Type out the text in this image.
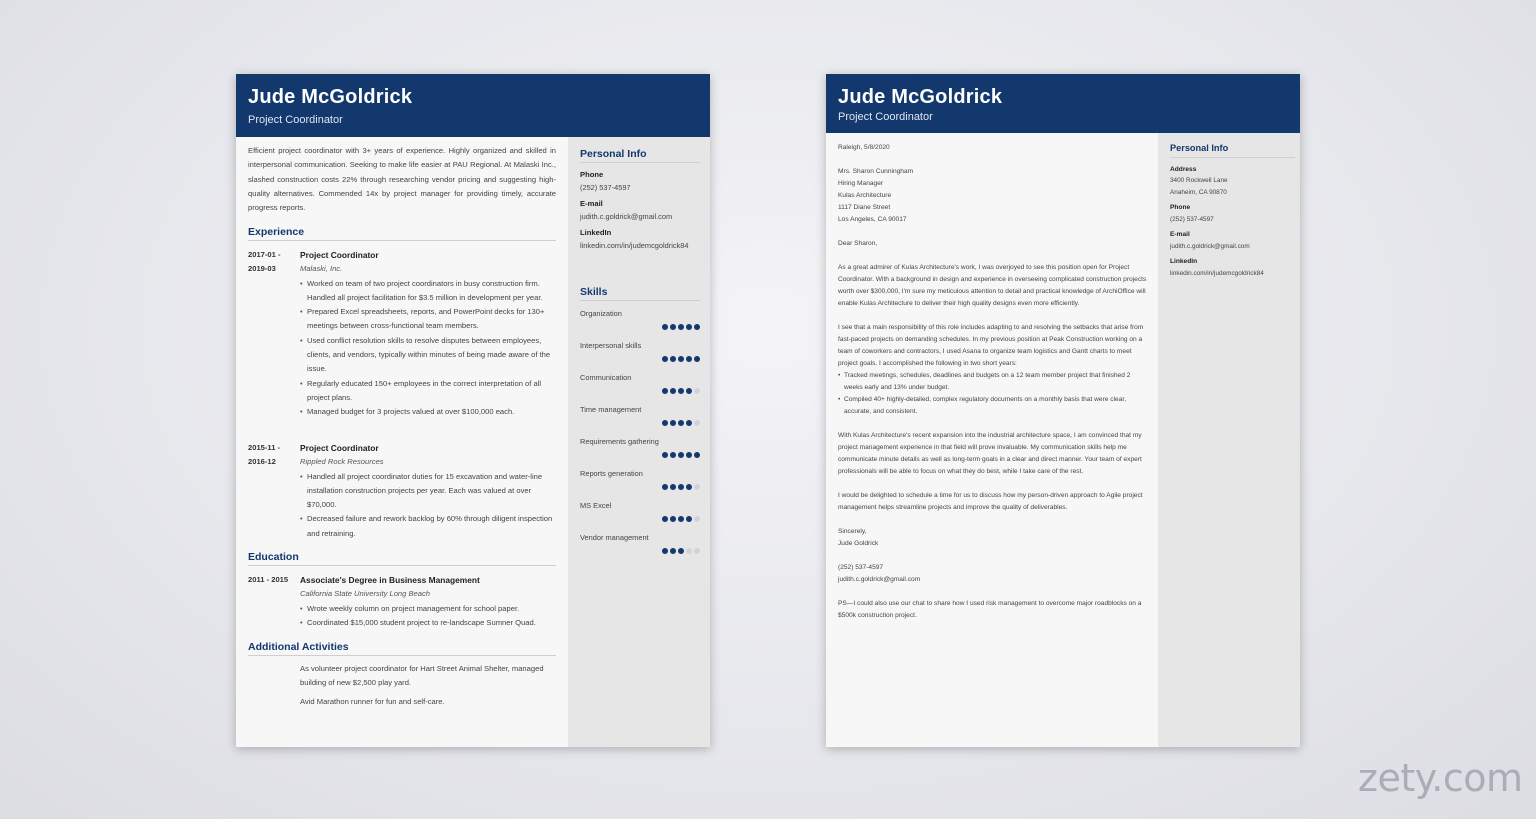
Jude McGoldrick
Project Coordinator
Efficient project coordinator with 3+ years of experience. Highly organized and skilled in interpersonal communication. Seeking to make life easier at PAU Regional. At Malaski Inc., slashed construction costs 22% through researching vendor pricing and suggesting high-quality alternatives. Commended 14x by project manager for providing timely, accurate progress reports.
Experience
2017-01 - 2019-03
Project Coordinator
Malaski, Inc.
• Worked on team of two project coordinators in busy construction firm. Handled all project facilitation for $3.5 million in development per year.
• Prepared Excel spreadsheets, reports, and PowerPoint decks for 130+ meetings between cross-functional team members.
• Used conflict resolution skills to resolve disputes between employees, clients, and vendors, typically within minutes of being made aware of the issue.
• Regularly educated 150+ employees in the correct interpretation of all project plans.
• Managed budget for 3 projects valued at over $100,000 each.
2015-11 - 2016-12
Project Coordinator
Rippled Rock Resources
• Handled all project coordinator duties for 15 excavation and water-line installation construction projects per year. Each was valued at over $70,000.
• Decreased failure and rework backlog by 60% through diligent inspection and retraining.
Education
2011 - 2015	Associate's Degree in Business Management
California State University Long Beach
• Wrote weekly column on project management for school paper.
• Coordinated $15,000 student project to re-landscape Sumner Quad.
Additional Activities
As volunteer project coordinator for Hart Street Animal Shelter, managed building of new $2,500 play yard.
Avid Marathon runner for fun and self-care.
Personal Info
Phone
(252) 537-4597
E-mail
judith.c.goldrick@gmail.com
LinkedIn
linkedin.com/in/judemcgoldrick84
Skills
Organization
Interpersonal skills
Communication
Time management
Requirements gathering
Reports generation
MS Excel
Vendor management
Jude McGoldrick
Project Coordinator

Raleigh, 5/8/2020

Mrs. Sharon Cunningham

Hiring Manager

Kulas Architecture

1117 Diane Street

Los Angeles, CA 90017

Dear Sharon,

As a great admirer of Kulas Architecture's work, I was overjoyed to see this position open for Project Coordinator. With a background in design and experience in overseeing complicated construction projects worth over $300,000, I'm sure my meticulous attention to detail and practical knowledge of ArchiOffice will enable Kulas Architecture to deliver their high quality designs even more efficiently.

I see that a main responsibility of this role includes adapting to and resolving the setbacks that arise from fast-paced projects on demanding schedules. In my previous position at Peak Construction working on a team of coworkers and contractors, I used Asana to organize team logistics and Gantt charts to meet project goals. I accomplished the following in two short years:

• Tracked meetings, schedules, deadlines and budgets on a 12 team member project that finished 2 weeks early and 13% under budget.
• Compiled 40+ highly-detailed, complex regulatory documents on a monthly basis that were clear, accurate, and consistent.

With Kulas Architecture's recent expansion into the industrial architecture space, I am convinced that my project management experience in that field will prove invaluable. My communication skills help me communicate minute details as well as long-term goals in a clear and direct manner. Your team of expert professionals will be able to focus on what they do best, while I take care of the rest.

I would be delighted to schedule a time for us to discuss how my person-driven approach to Agile project management helps streamline projects and improve the quality of deliverables.

Sincerely,

Jude Goldrick

(252) 537-4597

judith.c.goldrick@gmail.com

PS—I could also use our chat to share how I used risk management to overcome major roadblocks on a $500k construction project.

Personal Info
Address
3400 Rockwell Lane
Anaheim, CA 90870
Phone
(252) 537-4597
E-mail
judith.c.goldrick@gmail.com
LinkedIn
linkedin.com/in/judemcgoldrick84
zety.com
